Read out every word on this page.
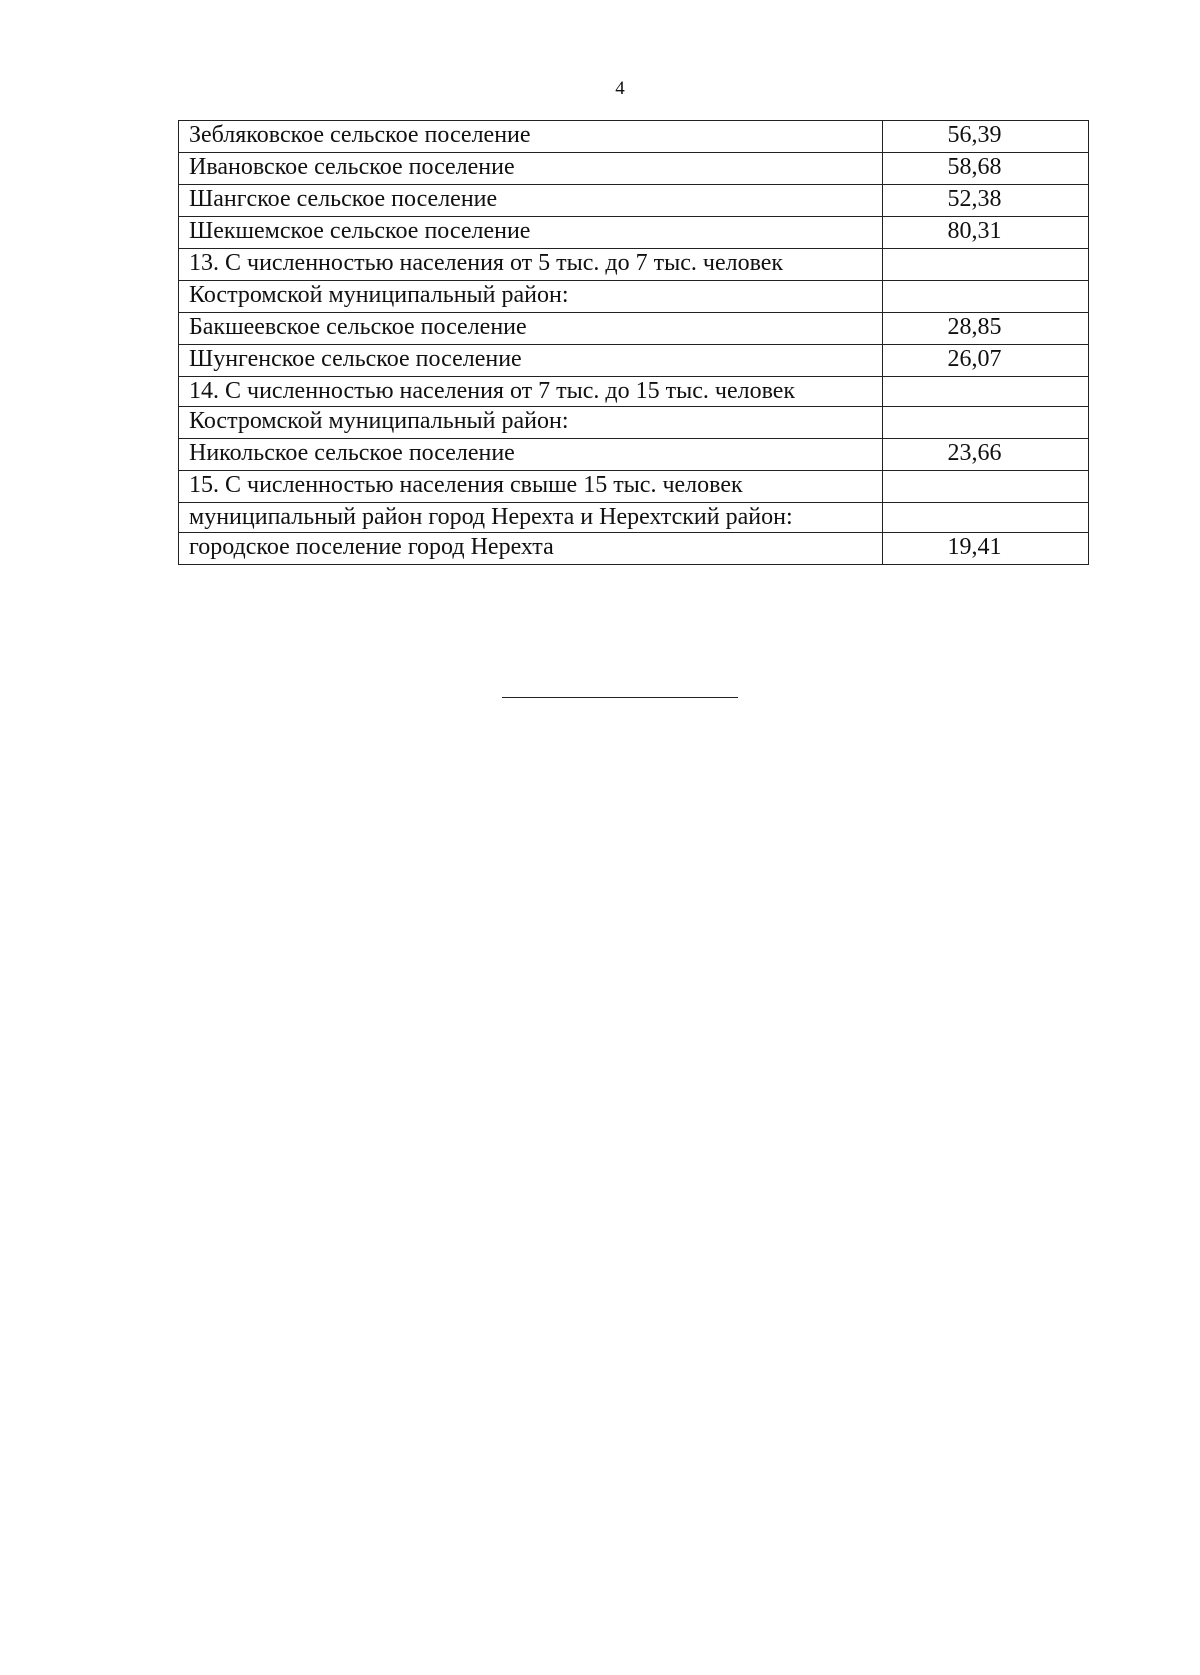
4
Зебляковское сельское поселение	56,39
Ивановское сельское поселение	58,68
Шангское сельское поселение	52,38
Шекшемское сельское поселение	80,31
13. С численностью населения от 5 тыс. до 7 тыс. человек	
Костромской муниципальный район:	
Бакшеевское сельское поселение	28,85
Шунгенское сельское поселение	26,07
14. С численностью населения от 7 тыс. до 15 тыс. человек	
Костромской муниципальный район:	
Никольское сельское поселение	23,66
15. С численностью населения свыше 15 тыс. человек	
муниципальный район город Нерехта и Нерехтский район:	
городское поселение город Нерехта	19,41
